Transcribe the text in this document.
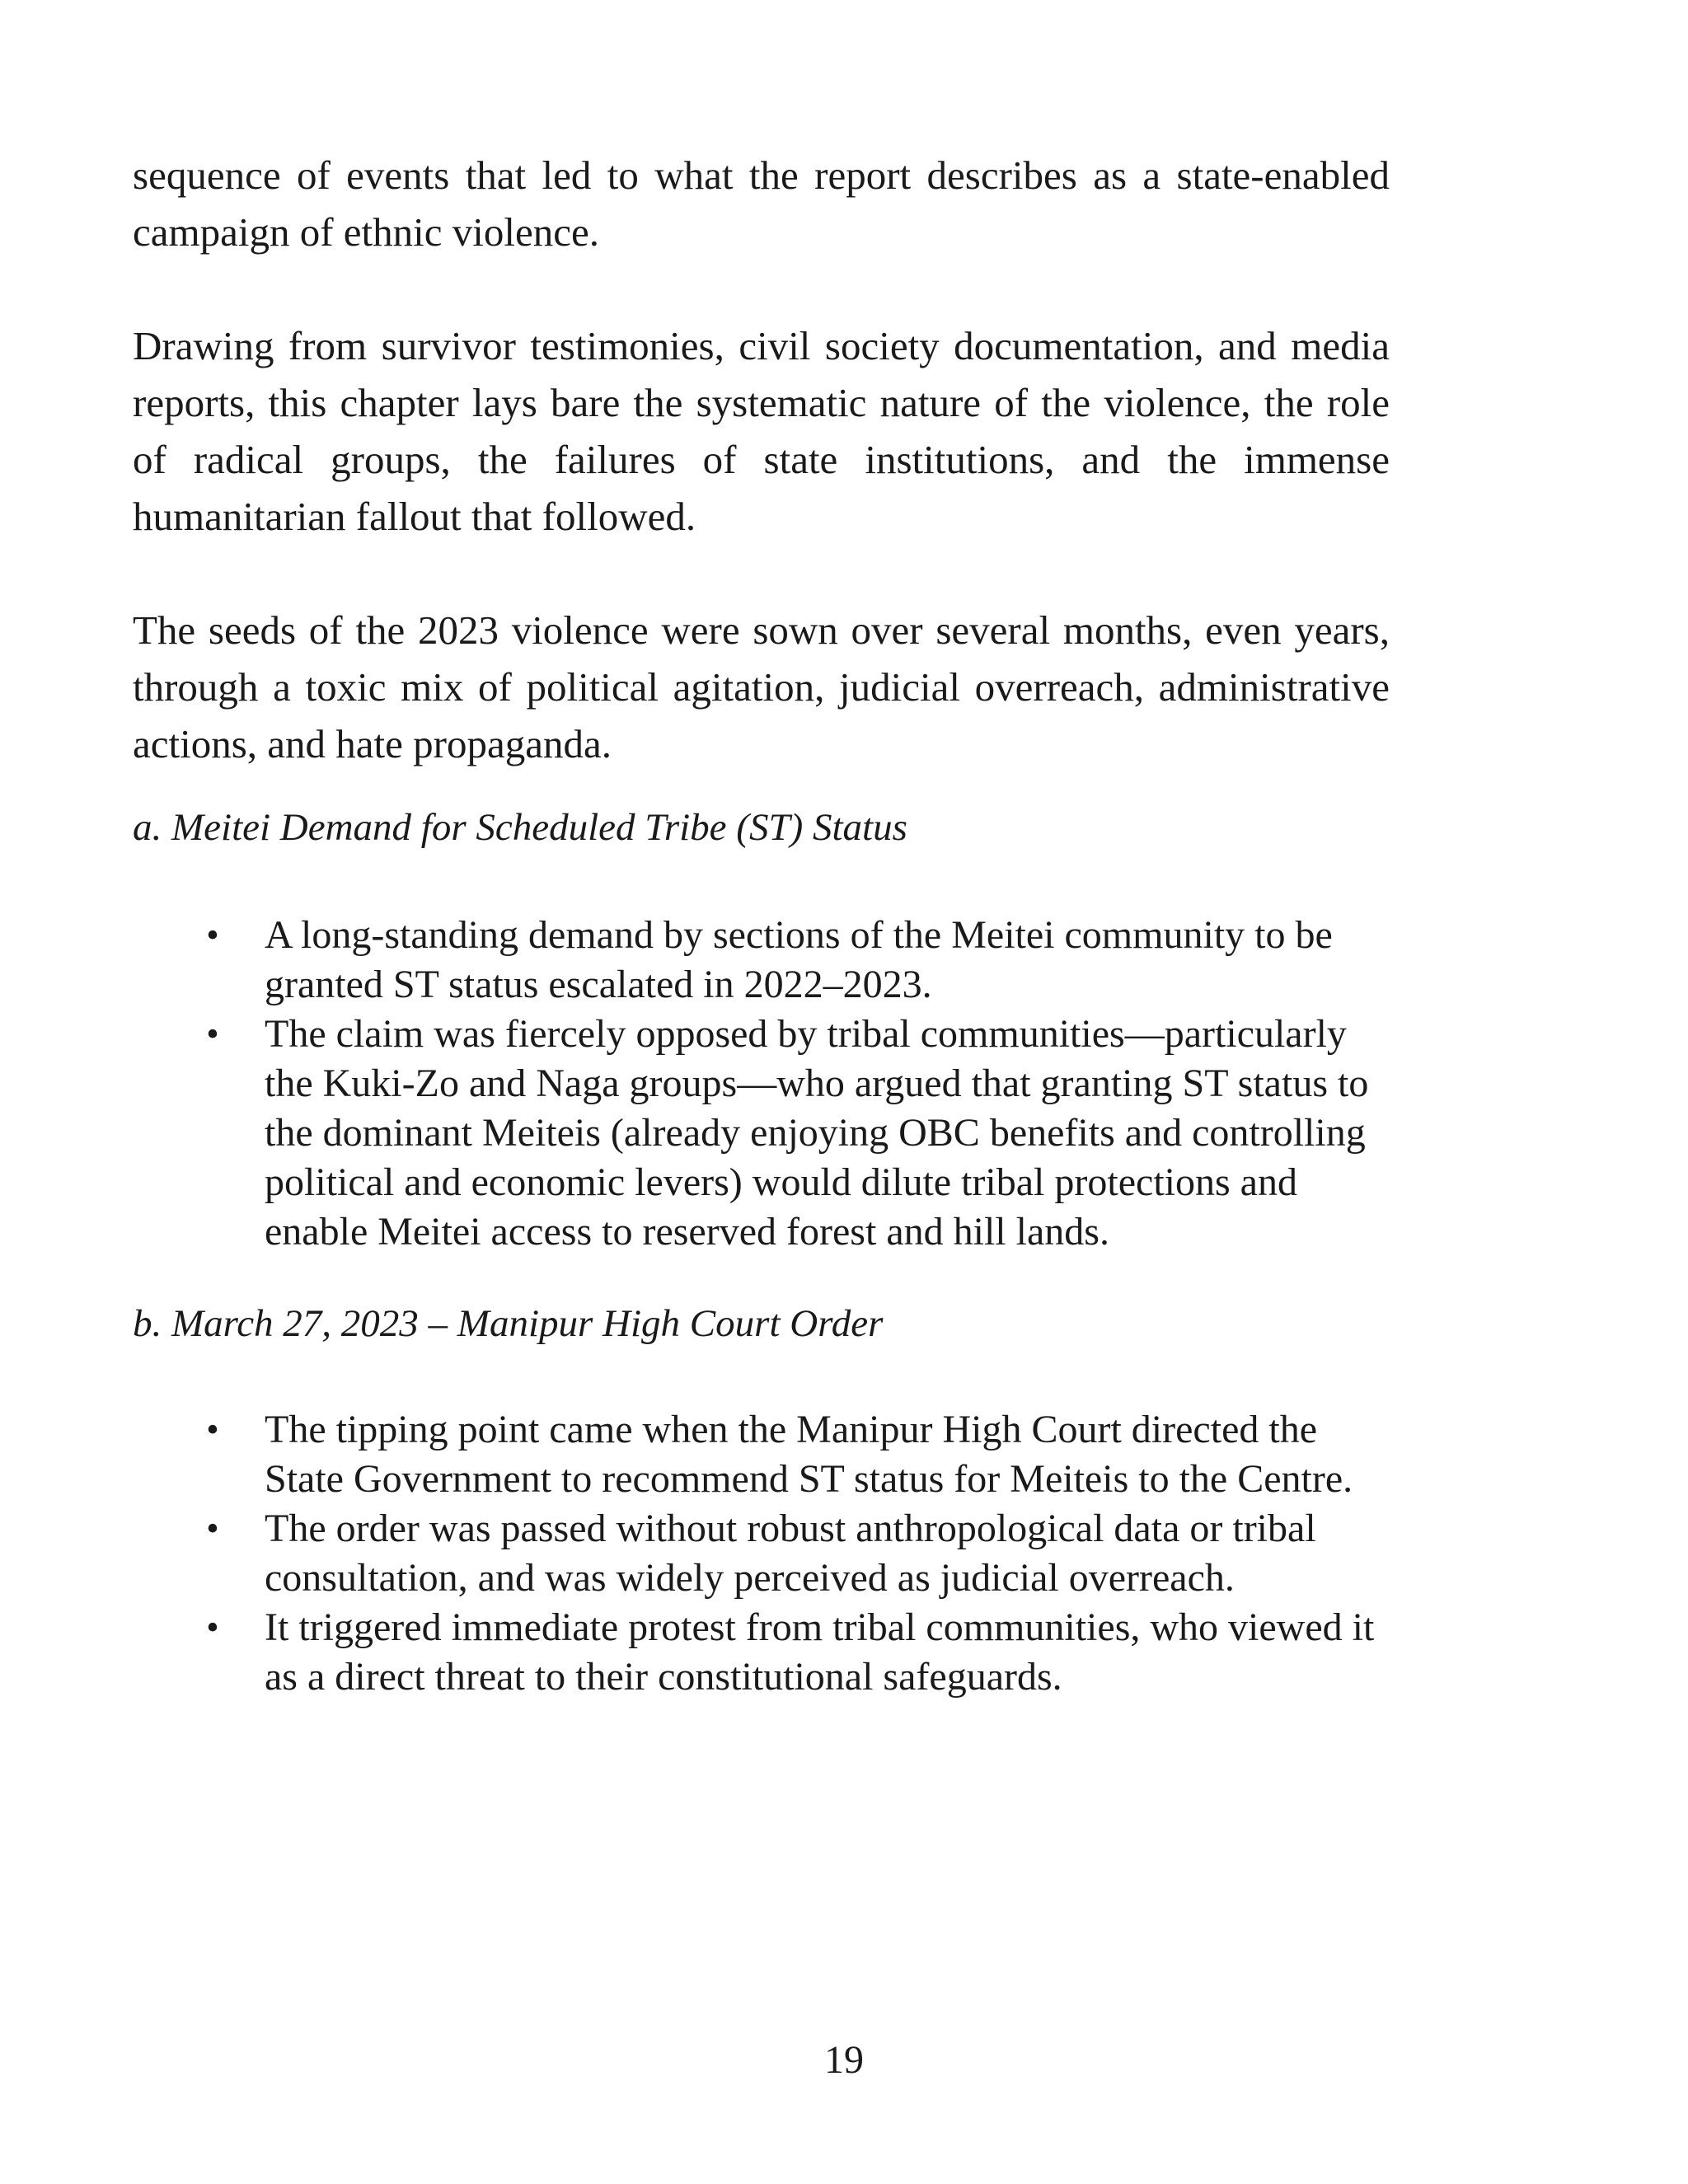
sequence of events that led to what the report describes as a state-enabled campaign of ethnic violence.

Drawing from survivor testimonies, civil society documentation, and media reports, this chapter lays bare the systematic nature of the violence, the role of radical groups, the failures of state institutions, and the immense humanitarian fallout that followed.

The seeds of the 2023 violence were sown over several months, even years, through a toxic mix of political agitation, judicial overreach, administrative actions, and hate propaganda.

a. Meitei Demand for Scheduled Tribe (ST) Status

• A long-standing demand by sections of the Meitei community to be granted ST status escalated in 2022–2023.
• The claim was fiercely opposed by tribal communities—particularly the Kuki-Zo and Naga groups—who argued that granting ST status to the dominant Meiteis (already enjoying OBC benefits and controlling political and economic levers) would dilute tribal protections and enable Meitei access to reserved forest and hill lands.

b. March 27, 2023 – Manipur High Court Order

• The tipping point came when the Manipur High Court directed the State Government to recommend ST status for Meiteis to the Centre.
• The order was passed without robust anthropological data or tribal consultation, and was widely perceived as judicial overreach.
• It triggered immediate protest from tribal communities, who viewed it as a direct threat to their constitutional safeguards.
19
